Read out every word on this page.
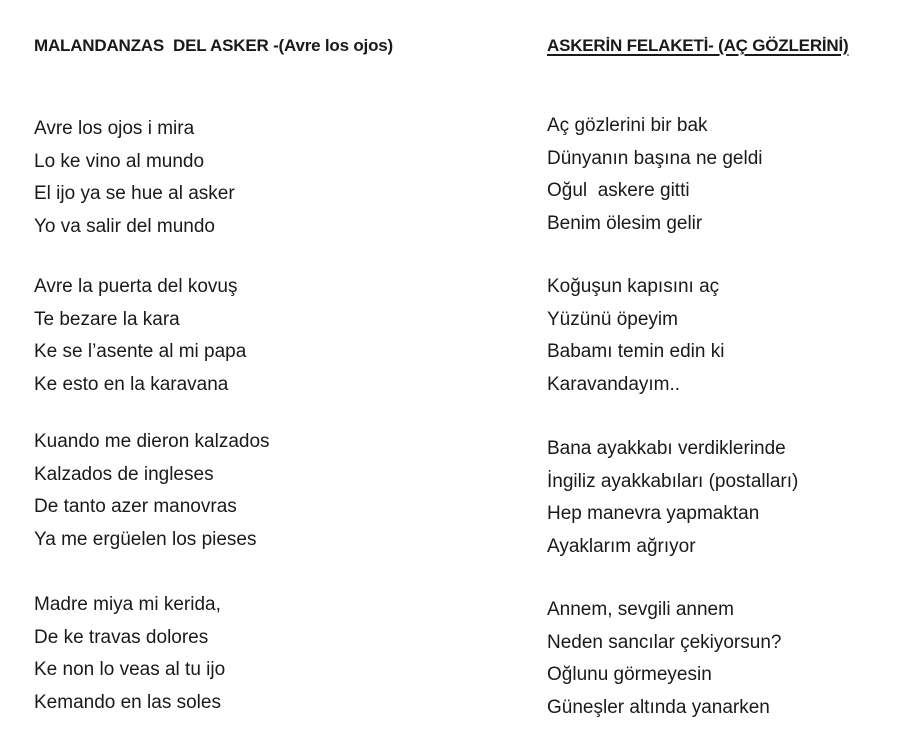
MALANDANZAS  DEL ASKER -(Avre los ojos)
Avre los ojos i mira
Lo ke vino al mundo
El ijo ya se hue al asker
Yo va salir del mundo
Avre la puerta del kovuş
Te bezare la kara
Ke se l’asente al mi papa
Ke esto en la karavana
Kuando me dieron kalzados
Kalzados de ingleses
De tanto azer manovras
Ya me ergüelen los pieses
Madre miya mi kerida,
De ke travas dolores
Ke non lo veas al tu ijo
Kemando en las soles
ASKERİN FELAKETİ- (AÇ GÖZLERİNİ)
Aç gözlerini bir bak
Dünyanın başına ne geldi
Oğul  askere gitti
Benim ölesim gelir
Koğuşun kapısını aç
Yüzünü öpeyim
Babamı temin edin ki
Karavandayım..
Bana ayakkabı verdiklerinde
İngiliz ayakkabıları (postalları)
Hep manevra yapmaktan
Ayaklarım ağrıyor
Annem, sevgili annem
Neden sancılar çekiyorsun?
Oğlunu görmeyesin
Güneşler altında yanarken
